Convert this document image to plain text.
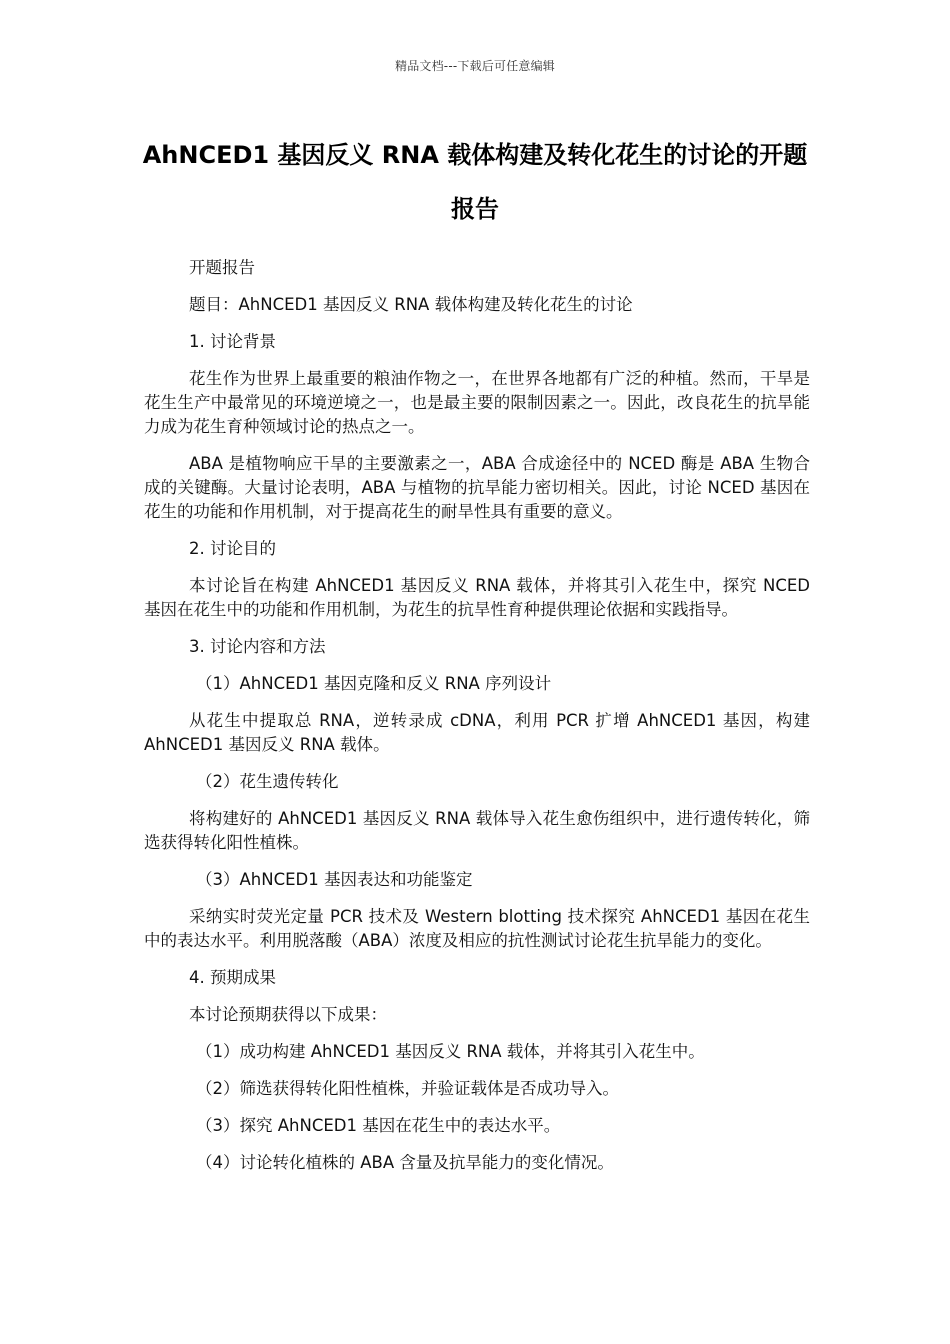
精品文档---下载后可任意编辑
AhNCED1 基因反义 RNA 载体构建及转化花生的讨论的开题报告

开题报告

题目：AhNCED1 基因反义 RNA 载体构建及转化花生的讨论

1. 讨论背景

花生作为世界上最重要的粮油作物之一，在世界各地都有广泛的种植。然而，干旱是花生生产中最常见的环境逆境之一，也是最主要的限制因素之一。因此，改良花生的抗旱能力成为花生育种领域讨论的热点之一。

ABA 是植物响应干旱的主要激素之一，ABA 合成途径中的 NCED 酶是 ABA 生物合成的关键酶。大量讨论表明，ABA 与植物的抗旱能力密切相关。因此，讨论 NCED 基因在花生的功能和作用机制，对于提高花生的耐旱性具有重要的意义。

2. 讨论目的

本讨论旨在构建 AhNCED1 基因反义 RNA 载体，并将其引入花生中，探究 NCED 基因在花生中的功能和作用机制，为花生的抗旱性育种提供理论依据和实践指导。

3. 讨论内容和方法

（1）AhNCED1 基因克隆和反义 RNA 序列设计

从花生中提取总 RNA，逆转录成 cDNA，利用 PCR 扩增 AhNCED1 基因，构建 AhNCED1 基因反义 RNA 载体。

（2）花生遗传转化

将构建好的 AhNCED1 基因反义 RNA 载体导入花生愈伤组织中，进行遗传转化，筛选获得转化阳性植株。

（3）AhNCED1 基因表达和功能鉴定

采纳实时荧光定量 PCR 技术及 Western blotting 技术探究 AhNCED1 基因在花生中的表达水平。利用脱落酸（ABA）浓度及相应的抗性测试讨论花生抗旱能力的变化。

4. 预期成果

本讨论预期获得以下成果：

（1）成功构建 AhNCED1 基因反义 RNA 载体，并将其引入花生中。

（2）筛选获得转化阳性植株，并验证载体是否成功导入。

（3）探究 AhNCED1 基因在花生中的表达水平。

（4）讨论转化植株的 ABA 含量及抗旱能力的变化情况。
